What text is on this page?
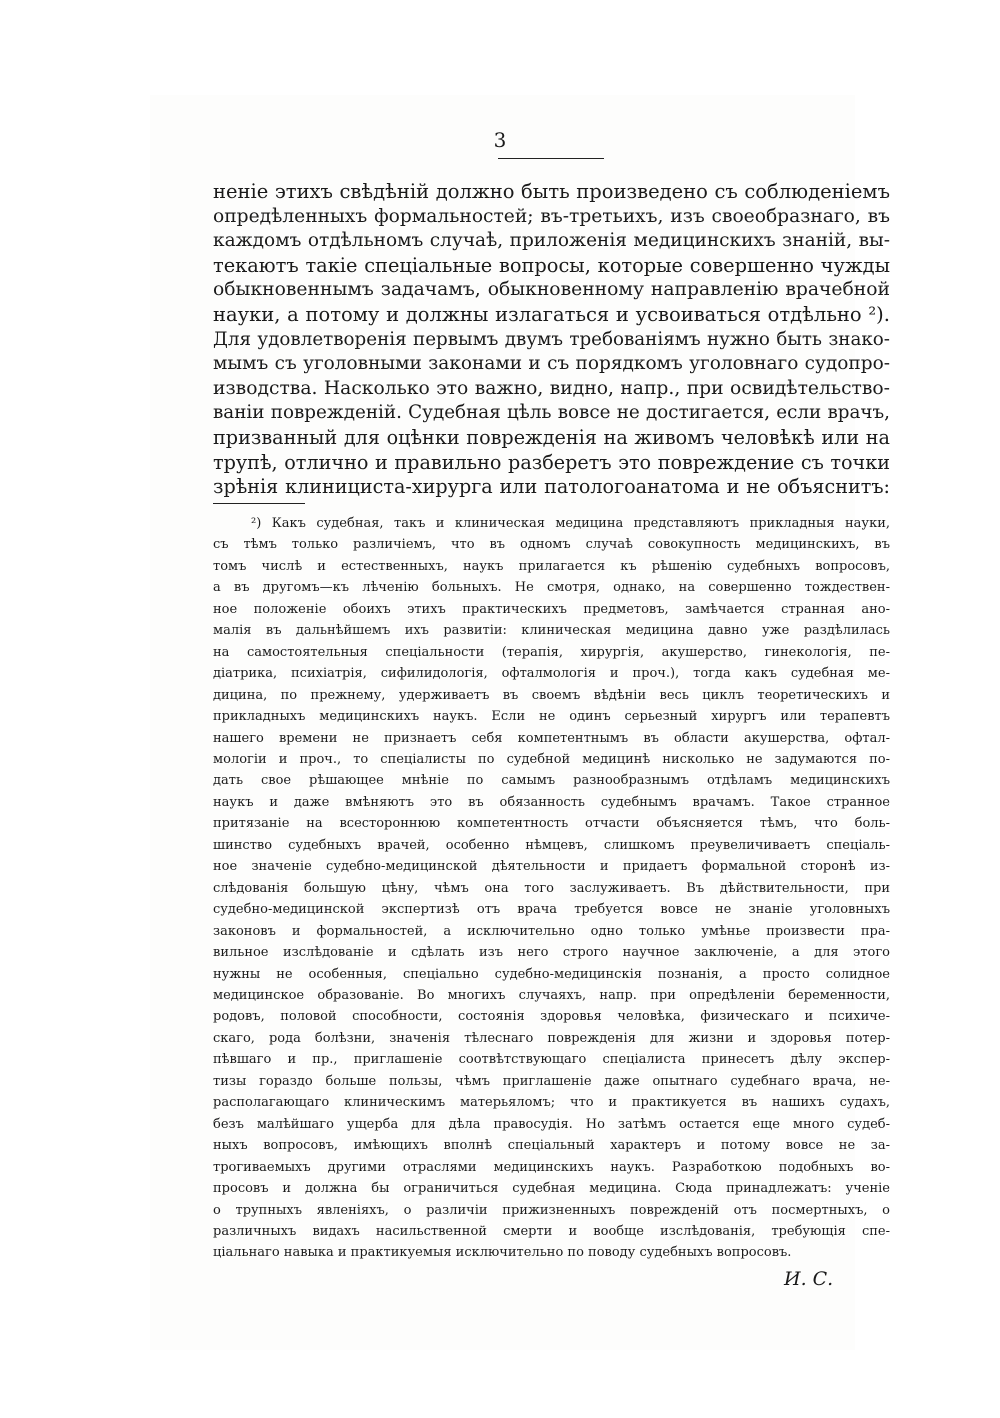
3
неніе этихъ свѣдѣній должно быть произведено съ соблюденіемъ
опредѣленныхъ формальностей; въ-третьихъ, изъ своеобразнаго, въ
каждомъ отдѣльномъ случаѣ, приложенія медицинскихъ знаній, вы-
текаютъ такіе спеціальные вопросы, которые совершенно чужды
обыкновеннымъ задачамъ, обыкновенному направленію врачебной
науки, а потому и должны излагаться и усвоиваться отдѣльно ²).
Для удовлетворенія первымъ двумъ требованіямъ нужно быть знако-
мымъ съ уголовными законами и съ порядкомъ уголовнаго судопро-
изводства. Насколько это важно, видно, напр., при освидѣтельство-
ваніи поврежденій. Судебная цѣль вовсе не достигается, если врачъ,
призванный для оцѣнки поврежденія на живомъ человѣкѣ или на
трупѣ, отлично и правильно разберетъ это повреждение съ точки
зрѣнія клинициста-хирурга или патологоанатома и не объяснитъ:
²) Какъ судебная, такъ и клиническая медицина представляютъ прикладныя науки,
съ тѣмъ только различіемъ, что въ одномъ случаѣ совокупность медицинскихъ, въ
томъ числѣ и естественныхъ, наукъ прилагается къ рѣшенію судебныхъ вопросовъ,
а въ другомъ—къ лѣченію больныхъ. Не смотря, однако, на совершенно тождествен-
ное положеніе обоихъ этихъ практическихъ предметовъ, замѣчается странная ано-
малія въ дальнѣйшемъ ихъ развитіи: клиническая медицина давно уже раздѣлилась
на самостоятельныя спеціальности (терапія, хирургія, акушерство, гинекологія, пе-
діатрика, психіатрія, сифилидологія, офталмологія и проч.), тогда какъ судебная ме-
дицина, по прежнему, удерживаетъ въ своемъ вѣдѣніи весь циклъ теоретическихъ и
прикладныхъ медицинскихъ наукъ. Если не одинъ серьезный хирургъ или терапевтъ
нашего времени не признаетъ себя компетентнымъ въ области акушерства, офтал-
мологіи и проч., то спеціалисты по судебной медицинѣ нисколько не задумаются по-
дать свое рѣшающее мнѣніе по самымъ разнообразнымъ отдѣламъ медицинскихъ
наукъ и даже вмѣняютъ это въ обязанность судебнымъ врачамъ. Такое странное
притязаніе на всестороннюю компетентность отчасти объясняется тѣмъ, что боль-
шинство судебныхъ врачей, особенно нѣмцевъ, слишкомъ преувеличиваетъ спеціаль-
ное значеніе судебно-медицинской дѣятельности и придаетъ формальной сторонѣ из-
слѣдованія большую цѣну, чѣмъ она того заслуживаетъ. Въ дѣйствительности, при
судебно-медицинской экспертизѣ отъ врача требуется вовсе не знаніе уголовныхъ
законовъ и формальностей, а исключительно одно только умѣнье произвести пра-
вильное изслѣдованіе и сдѣлать изъ него строго научное заключеніе, а для этого
нужны не особенныя, спеціально судебно-медицинскія познанія, а просто солидное
медицинское образованіе. Во многихъ случаяхъ, напр. при опредѣленіи беременности,
родовъ, половой способности, состоянія здоровья человѣка, физическаго и психиче-
скаго, рода болѣзни, значенія тѣлеснаго поврежденія для жизни и здоровья потер-
пѣвшаго и пр., приглашеніе соотвѣтствующаго спеціалиста принесетъ дѣлу экспер-
тизы гораздо больше пользы, чѣмъ приглашеніе даже опытнаго судебнаго врача, не-
располагающаго клиническимъ матерьяломъ; что и практикуется въ нашихъ судахъ,
безъ малѣйшаго ущерба для дѣла правосудія. Но затѣмъ остается еще много судеб-
ныхъ вопросовъ, имѣющихъ вполнѣ спеціальный характеръ и потому вовсе не за-
трогиваемыхъ другими отраслями медицинскихъ наукъ. Разработкою подобныхъ во-
просовъ и должна бы ограничиться судебная медицина. Сюда принадлежатъ: ученіе
о трупныхъ явленіяхъ, о различіи прижизненныхъ поврежденій отъ посмертныхъ, о
различныхъ видахъ насильственной смерти и вообще изслѣдованія, требующія спе-
ціальнаго навыка и практикуемыя исключительно по поводу судебныхъ вопросовъ.
И. С.
